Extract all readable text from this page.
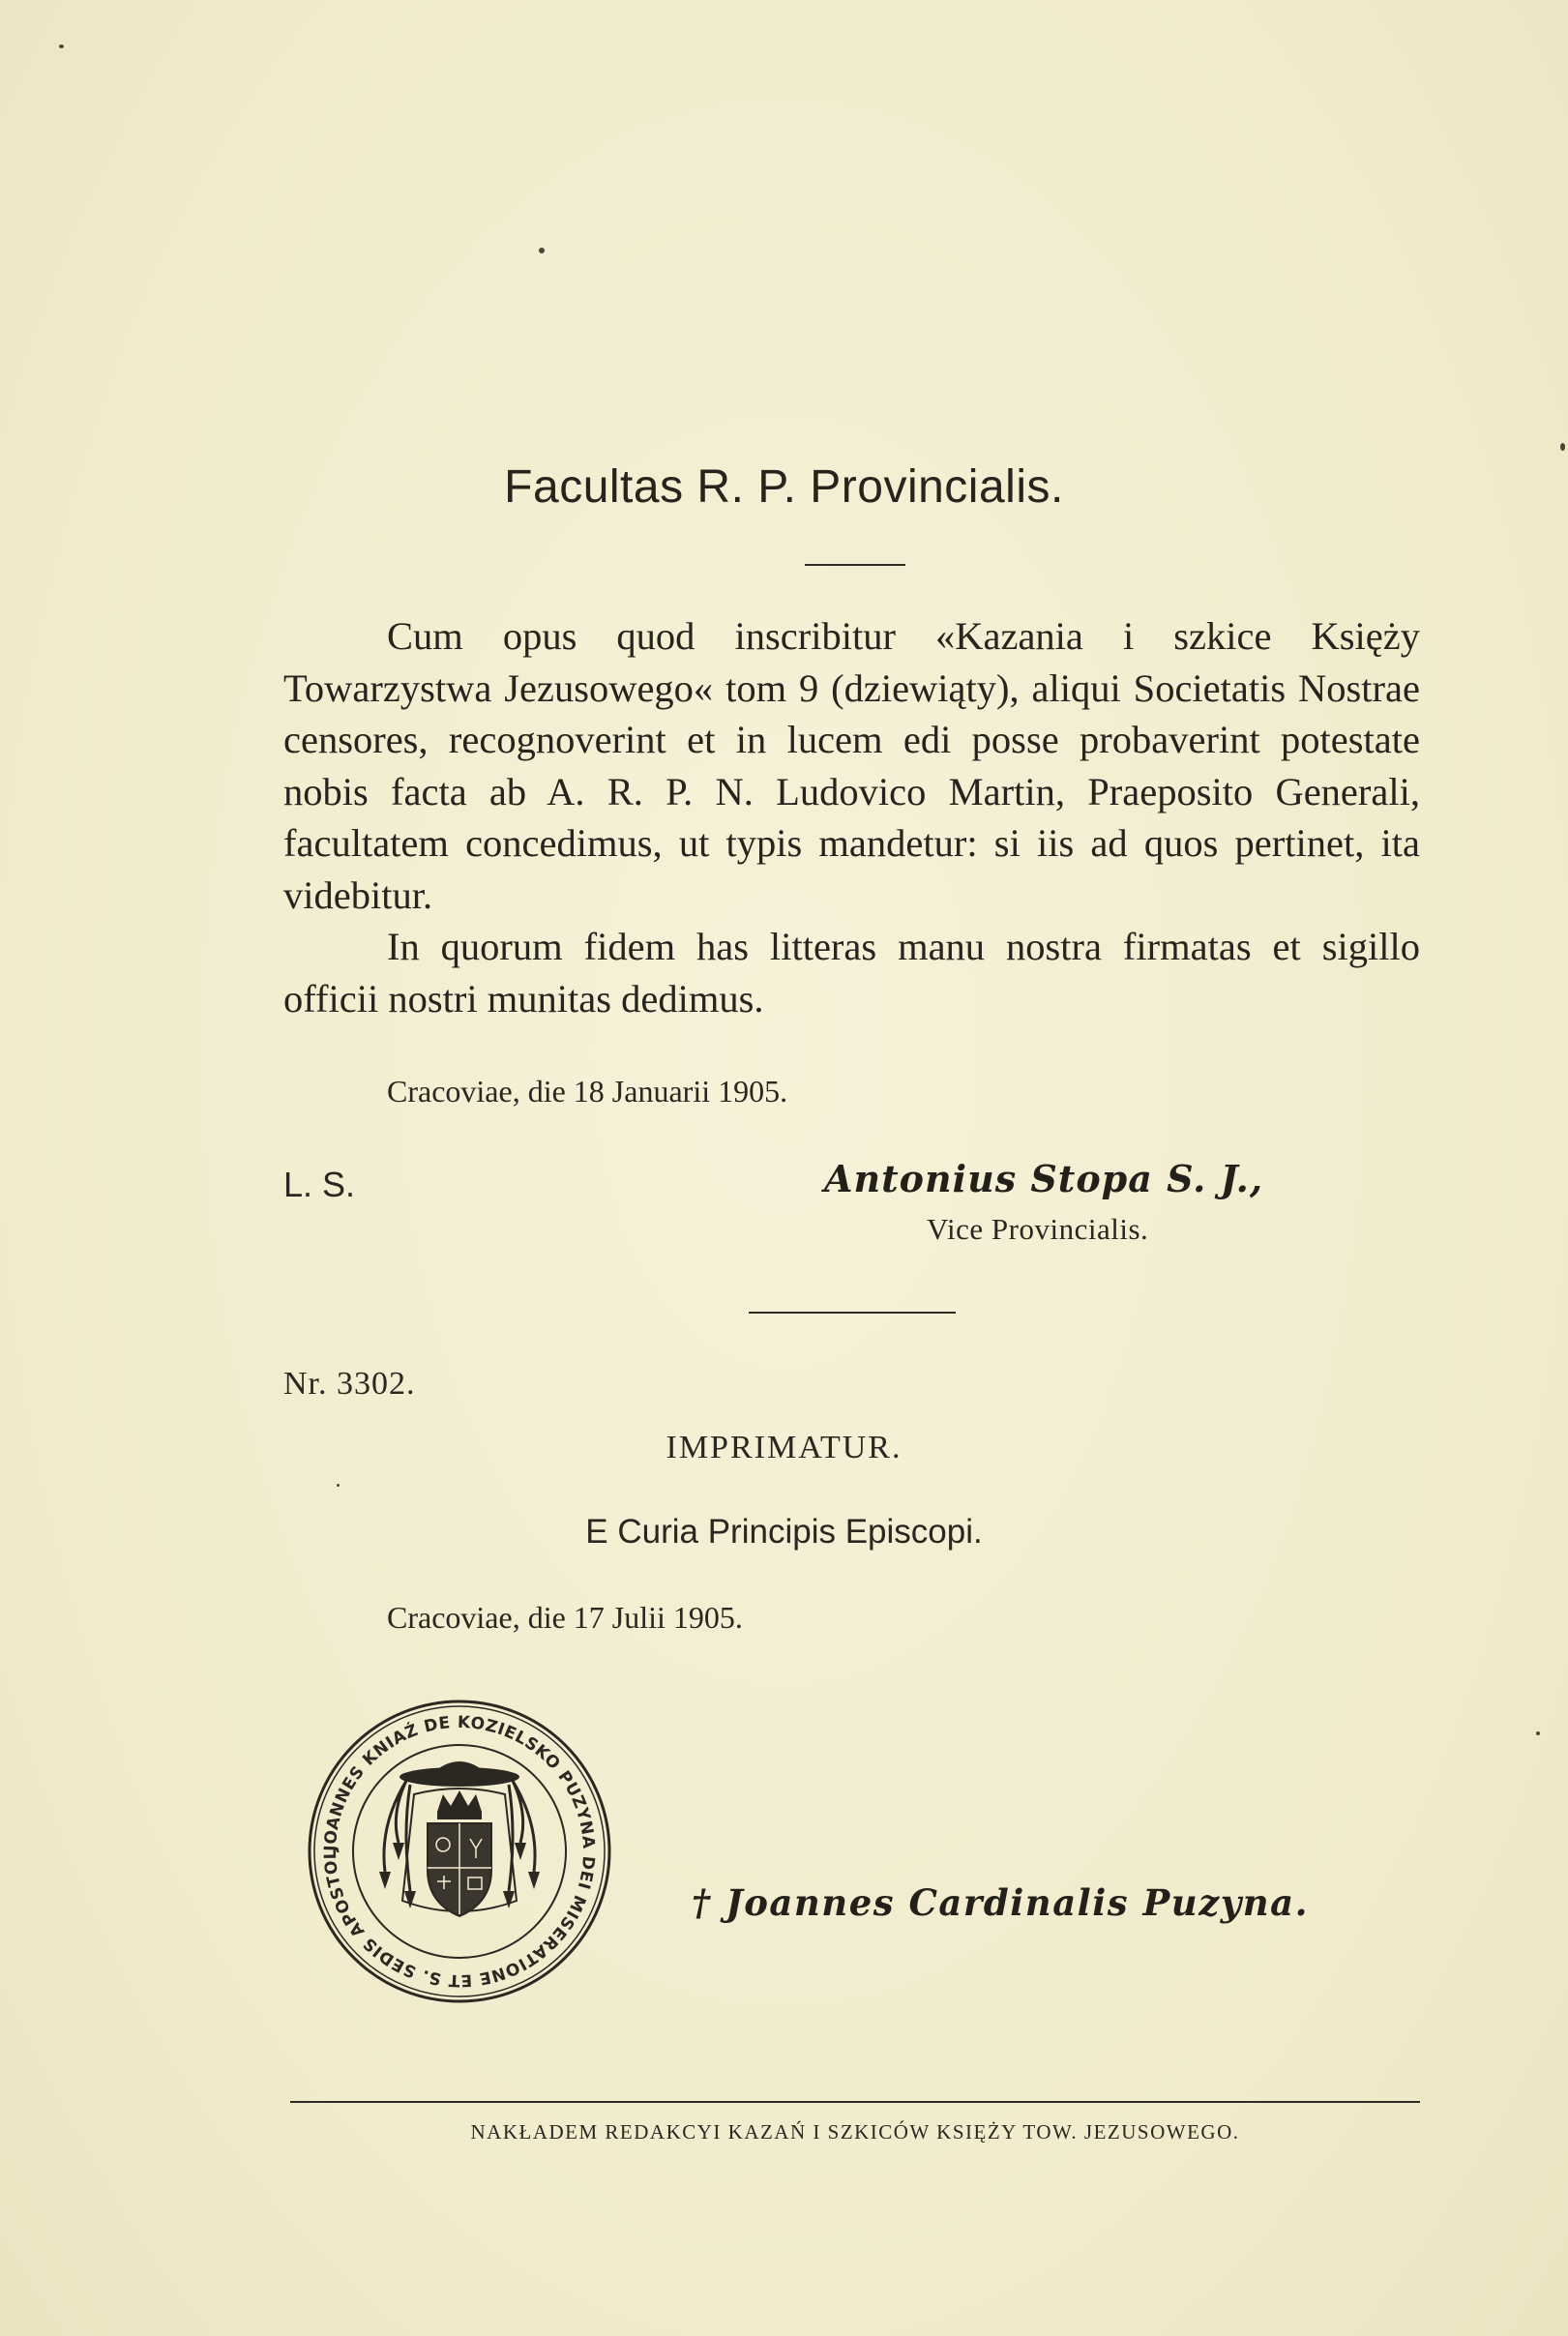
Facultas R. P. Provincialis.

Cum opus quod inscribitur «Kazania i szkice Księży Towarzystwa Jezusowego« tom 9 (dziewiąty), aliqui Societatis Nostrae censores, recognoverint et in lucem edi posse probaverint potestate nobis facta ab A. R. P. N. Ludovico Martin, Praeposito Generali, facultatem concedimus, ut typis mandetur: si iis ad quos pertinet, ita videbitur.

In quorum fidem has litteras manu nostra firmatas et sigillo officii nostri munitas dedimus.

Cracoviae, die 18 Januarii 1905.
L. S.	Antonius Stopa S. J.,
Vice Provincialis.
Nr. 3302.
IMPRIMATUR.
E Curia Principis Episcopi.
Cracoviae, die 17 Julii 1905.
JOANNES KNIAŹ DE KOZIELSKO PUZYNA DEI MISERATIONE ET S. SEDIS APOSTOL
† Joannes Cardinalis Puzyna.
NAKŁADEM REDAKCYI KAZAŃ I SZKICÓW KSIĘŻY TOW. JEZUSOWEGO.
